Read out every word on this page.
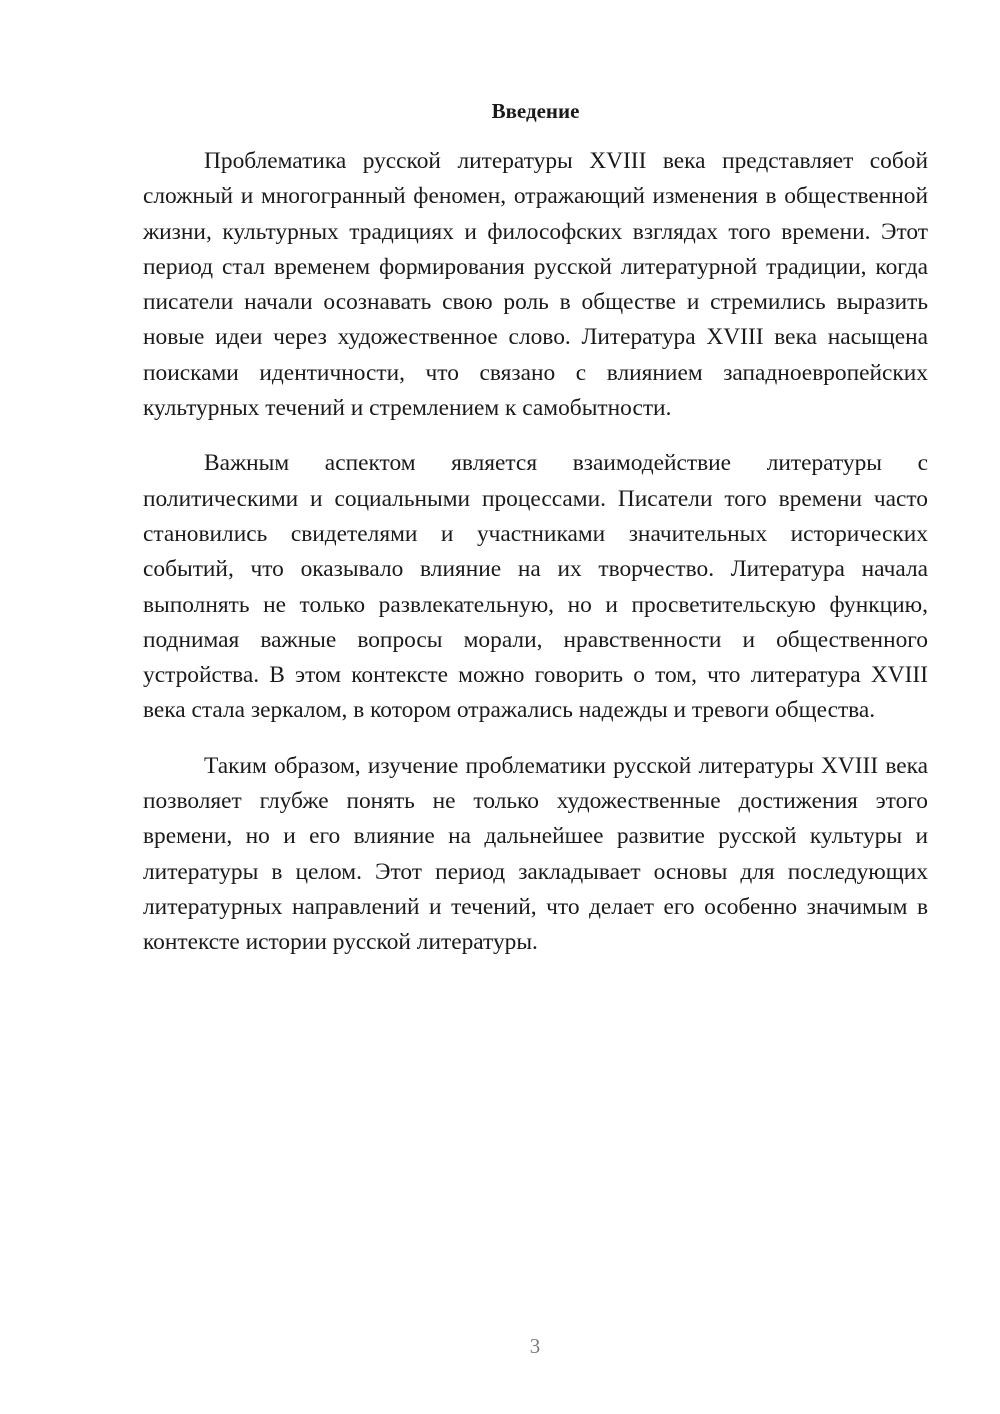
Введение

Проблематика русской литературы XVIII века представляет собой сложный и многогранный феномен, отражающий изменения в общественной жизни, культурных традициях и философских взглядах того времени. Этот период стал временем формирования русской литературной традиции, когда писатели начали осознавать свою роль в обществе и стремились выразить новые идеи через художественное слово. Литература XVIII века насыщена поисками идентичности, что связано с влиянием западноевропейских культурных течений и стремлением к самобытности.

Важным аспектом является взаимодействие литературы с политическими и социальными процессами. Писатели того времени часто становились свидетелями и участниками значительных исторических событий, что оказывало влияние на их творчество. Литература начала выполнять не только развлекательную, но и просветительскую функцию, поднимая важные вопросы морали, нравственности и общественного устройства. В этом контексте можно говорить о том, что литература XVIII века стала зеркалом, в котором отражались надежды и тревоги общества.

Таким образом, изучение проблематики русской литературы XVIII века позволяет глубже понять не только художественные достижения этого времени, но и его влияние на дальнейшее развитие русской культуры и литературы в целом. Этот период закладывает основы для последующих литературных направлений и течений, что делает его особенно значимым в контексте истории русской литературы.

3
